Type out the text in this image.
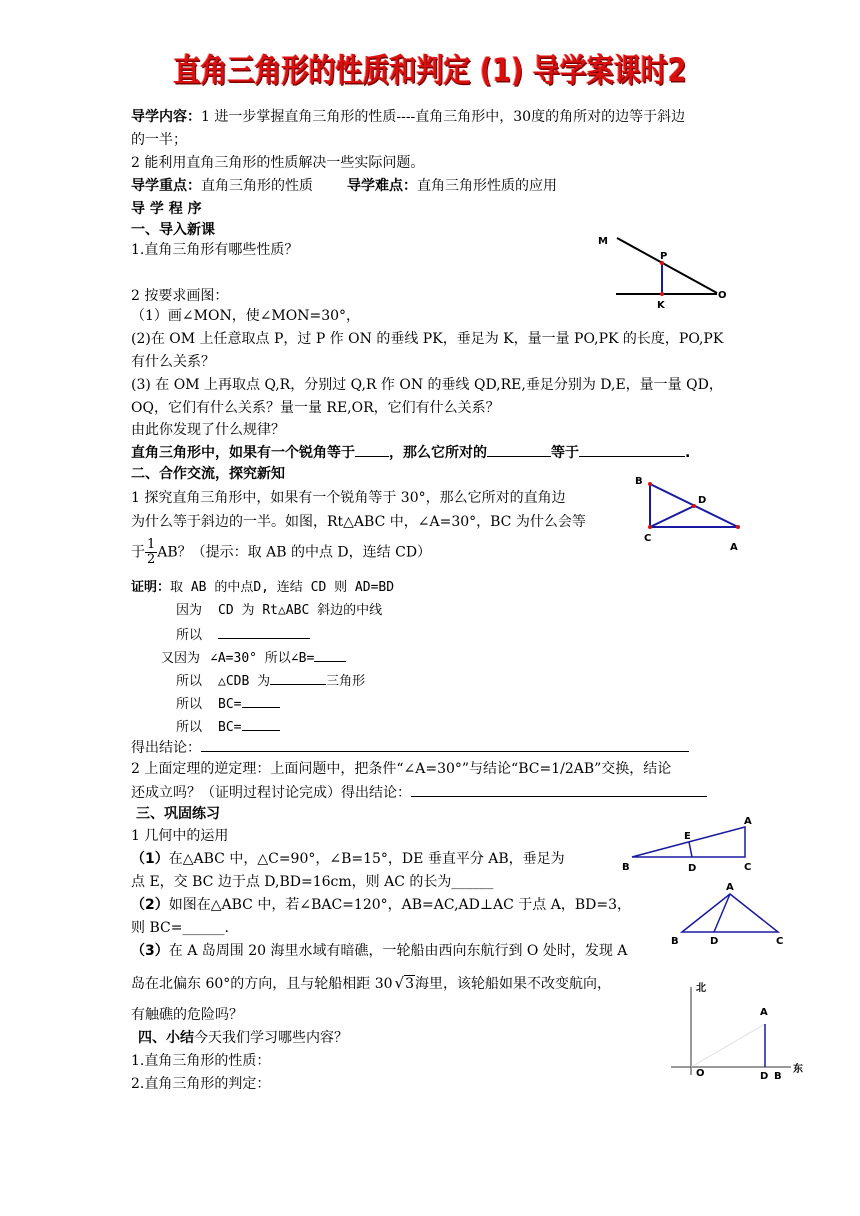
直角三角形的性质和判定 (1) 导学案课时2
导学内容：1 进一步掌握直角三角形的性质----直角三角形中，30度的角所对的边等于斜边
的一半；
2 能利用直角三角形的性质解决一些实际问题。
导学重点：直角三角形的性质 导学难点：直角三角形性质的应用
导 学 程 序
一、导入新课
1.直角三角形有哪些性质？
2 按要求画图：
（1）画∠MON，使∠MON=30°，
(2)在 OM 上任意取点 P，过 P 作 ON 的垂线 PK，垂足为 K，量一量 PO,PK 的长度，PO,PK
有什么关系？
(3) 在 OM 上再取点 Q,R，分别过 Q,R 作 ON 的垂线 QD,RE,垂足分别为 D,E，量一量 QD，
OQ，它们有什么关系？量一量 RE,OR，它们有什么关系？
由此你发现了什么规律？
直角三角形中，如果有一个锐角等于 ，那么它所对的	等于	.
二、合作交流，探究新知
1 探究直角三角形中，如果有一个锐角等于 30°，那么它所对的直角边
为什么等于斜边的一半。如图，Rt△ABC 中，∠A=30°，BC 为什么会等
于 $\frac{1}{2}$ AB？（提示：取 AB 的中点 D，连结 CD）
证明：取 AB 的中点D, 连结 CD 则 AD=BD
因为 CD 为 Rt△ABC 斜边的中线
所以
又因为 ∠A=30° 所以∠B=
所以 △CDB 为	三角形
所以 BC=
所以 BC=
得出结论：
2 上面定理的逆定理：上面问题中，把条件“∠A=30°”与结论“BC=1/2AB”交换，结论
还成立吗？（证明过程讨论完成）得出结论：
三、巩固练习
1 几何中的运用
（1）在△ABC 中，△C=90°，∠B=15°，DE 垂直平分 AB，垂足为
点 E，交 BC 边于点 D,BD=16cm，则 AC 的长为______
（2）如图在△ABC 中，若∠BAC=120°，AB=AC,AD⊥AC 于点 A，BD=3，
则 BC=______.
（3）在 A 岛周围 20 海里水域有暗礁，一轮船由西向东航行到 O 处时，发现 A
岛在北偏东 60°的方向，且与轮船相距 30 √3海里，该轮船如果不改变航向，
有触礁的危险吗？
四、小结今天我们学习哪些内容？
1.直角三角形的性质：
2.直角三角形的判定：
M
P
K
O
B
D
C
A
A
E
B	D	C
A
B	D	C
北
A
O	D B
东
